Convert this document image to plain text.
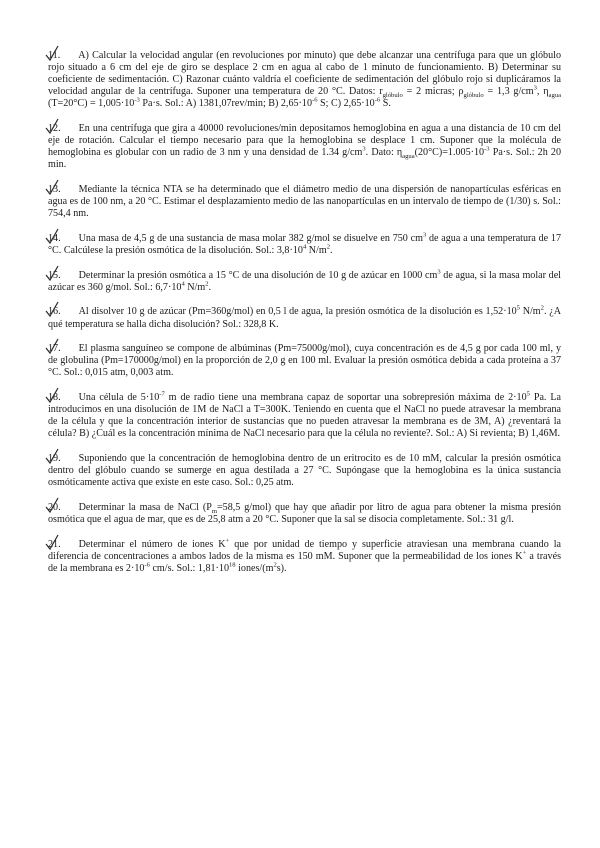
11. A) Calcular la velocidad angular (en revoluciones por minuto) que debe alcanzar una centrífuga para que un glóbulo rojo situado a 6 cm del eje de giro se desplace 2 cm en agua al cabo de 1 minuto de funcionamiento. B) Determinar su coeficiente de sedimentación. C) Razonar cuánto valdría el coeficiente de sedimentación del glóbulo rojo si duplicáramos la velocidad angular de la centrífuga. Suponer una temperatura de 20 °C. Datos: $r_{glóbulo} = 2$ micras; $\rho_{glóbulo} = 1,3$ $g/cm^3$, $\eta_{agua}$ $(T=20^\circ C) = 1,005\cdot 10^{-3}$ Pa·s. Sol.: A) 1381,07rev/min; B) $2,65\cdot 10^{-6}$ S; C) $2,65\cdot 10^{-6}$ S.

12. En una centrífuga que gira a 40000 revoluciones/min depositamos hemoglobina en agua a una distancia de 10 cm del eje de rotación. Calcular el tiempo necesario para que la hemoglobina se desplace 1 cm. Suponer que la molécula de hemoglobina es globular con un radio de 3 nm y una densidad de 1.34 $g/cm^3$. Dato: $\eta_{agua}(20^\circ C)=1.005\cdot 10^{-3}$ Pa·s. Sol.: 2h 20 min.

13. Mediante la técnica NTA se ha determinado que el diámetro medio de una dispersión de nanopartículas esféricas en agua es de 100 nm, a 20 °C. Estimar el desplazamiento medio de las nanopartículas en un intervalo de tiempo de (1/30) s. Sol.: 754,4 nm.

14. Una masa de 4,5 g de una sustancia de masa molar 382 g/mol se disuelve en 750 $cm^3$ de agua a una temperatura de 17 °C. Calcúlese la presión osmótica de la disolución. Sol.: $3,8\cdot 10^4$ $N/m^2$.

15. Determinar la presión osmótica a 15 °C de una disolución de 10 g de azúcar en 1000 $cm^3$ de agua, si la masa molar del azúcar es 360 g/mol. Sol.: $6,7\cdot 10^4$ $N/m^2$.

16. Al disolver 10 g de azúcar (Pm=360g/mol) en 0,5 l de agua, la presión osmótica de la disolución es $1,52\cdot 10^5$ $N/m^2$. ¿A qué temperatura se halla dicha disolución? Sol.: 328,8 K.

17. El plasma sanguíneo se compone de albúminas (Pm=75000g/mol), cuya concentración es de 4,5 g por cada 100 ml, y de globulina (Pm=170000g/mol) en la proporción de 2,0 g en 100 ml. Evaluar la presión osmótica debida a cada proteína a 37 °C. Sol.: 0,015 atm, 0,003 atm.

18. Una célula de $5\cdot 10^{-7}$ m de radio tiene una membrana capaz de soportar una sobrepresión máxima de $2\cdot 10^5$ Pa. La introducimos en una disolución de 1M de NaCl a T=300K. Teniendo en cuenta que el NaCl no puede atravesar la membrana de la célula y que la concentración interior de sustancias que no pueden atravesar la membrana es de 3M, A) ¿reventará la célula? B) ¿Cuál es la concentración mínima de NaCl necesario para que la célula no reviente?. Sol.: A) Si revienta; B) 1,46M.

19. Suponiendo que la concentración de hemoglobina dentro de un eritrocito es de 10 mM, calcular la presión osmótica dentro del glóbulo cuando se sumerge en agua destilada a 27 °C. Supóngase que la hemoglobina es la única sustancia osmóticamente activa que existe en este caso. Sol.: 0,25 atm.

20. Determinar la masa de NaCl ($P_m=58,5$ g/mol) que hay que añadir por litro de agua para obtener la misma presión osmótica que el agua de mar, que es de 25,8 atm a 20 °C. Suponer que la sal se disocia completamente. Sol.: 31 g/l.

21. Determinar el número de iones K+ que por unidad de tiempo y superficie atraviesan una membrana cuando la diferencia de concentraciones a ambos lados de la misma es 150 mM. Suponer que la permeabilidad de los iones K+ a través de la membrana es $2\cdot 10^{-6}$ cm/s. Sol.: $1,81\cdot 10^{18}$ iones/$(m^2s)$.
